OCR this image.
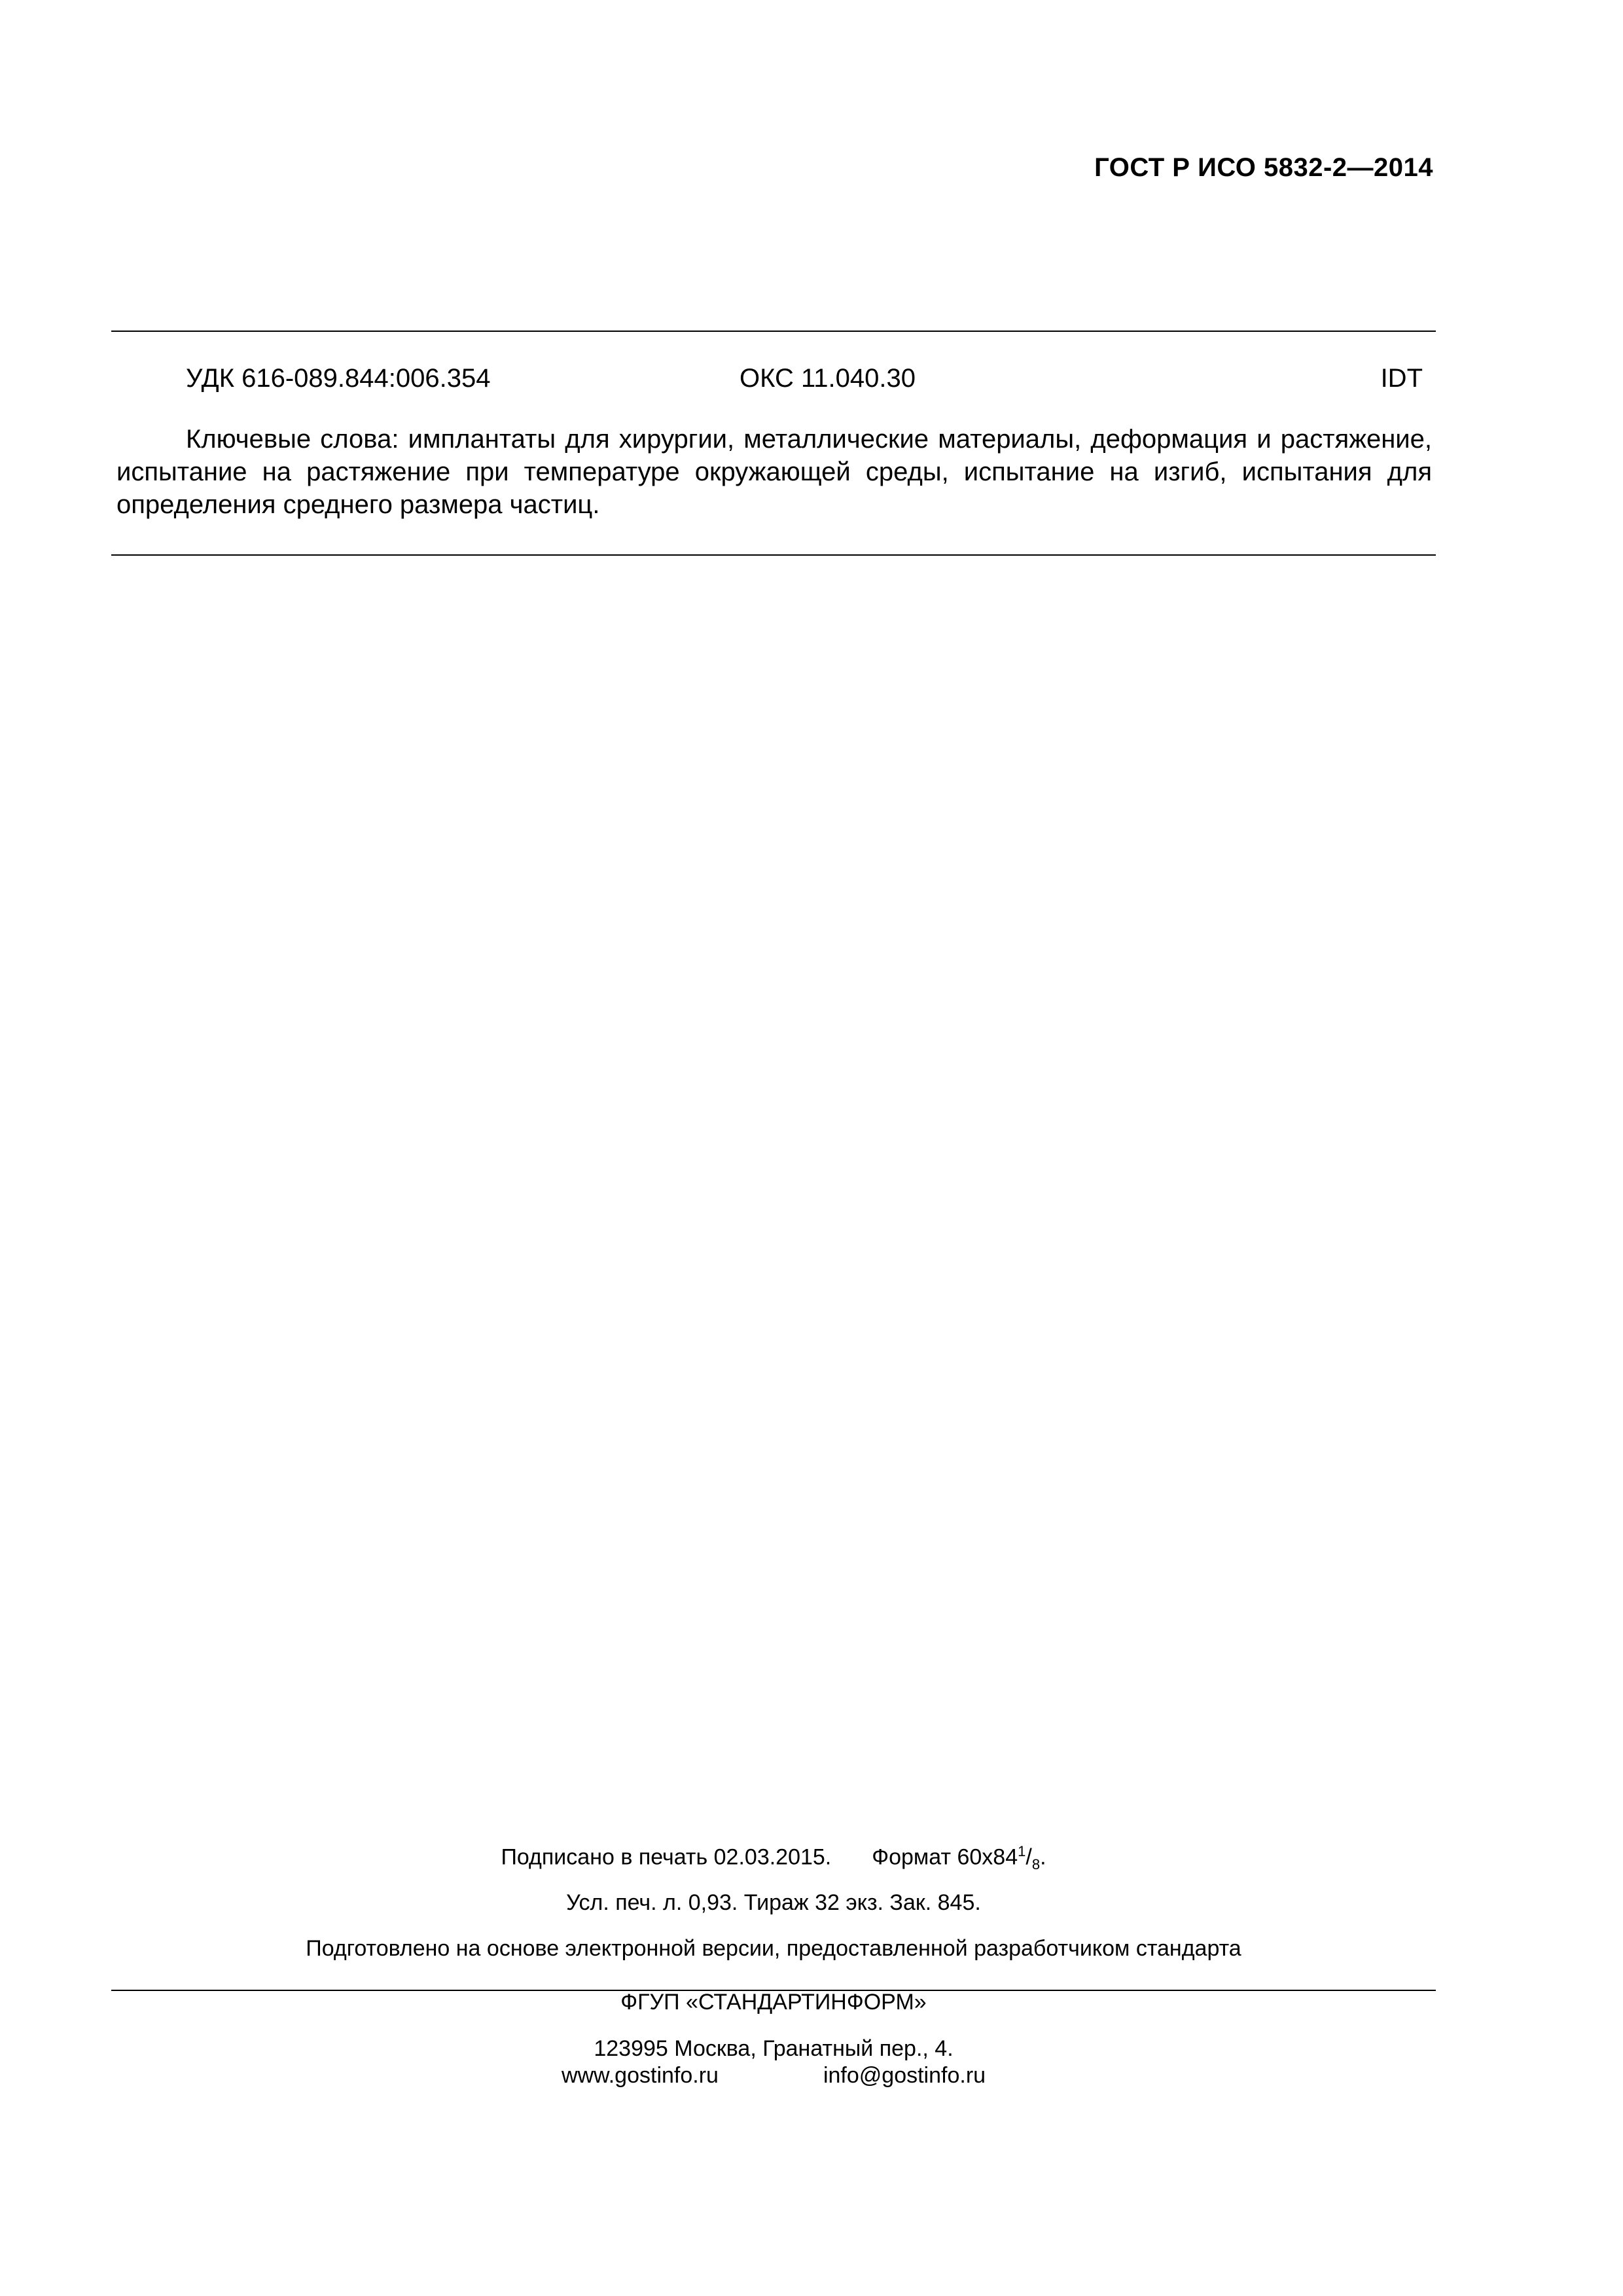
ГОСТ Р ИСО 5832-2—2014
УДК 616-089.844:006.354	ОКС 11.040.30	IDT
Ключевые слова: имплантаты для хирургии, металлические материалы, деформация и растяжение, испытание на растяжение при температуре окружающей среды, испытание на изгиб, испытания для определения среднего размера частиц.
Подписано в печать 02.03.2015. Формат $60x84^1/_8$.
Усл. печ. л. 0,93. Тираж 32 экз. Зак. 845.
Подготовлено на основе электронной версии, предоставленной разработчиком стандарта
ФГУП «СТАНДАРТИНФОРМ»
123995 Москва, Гранатный пер., 4.
www.gostinfo.ru	info@gostinfo.ru
